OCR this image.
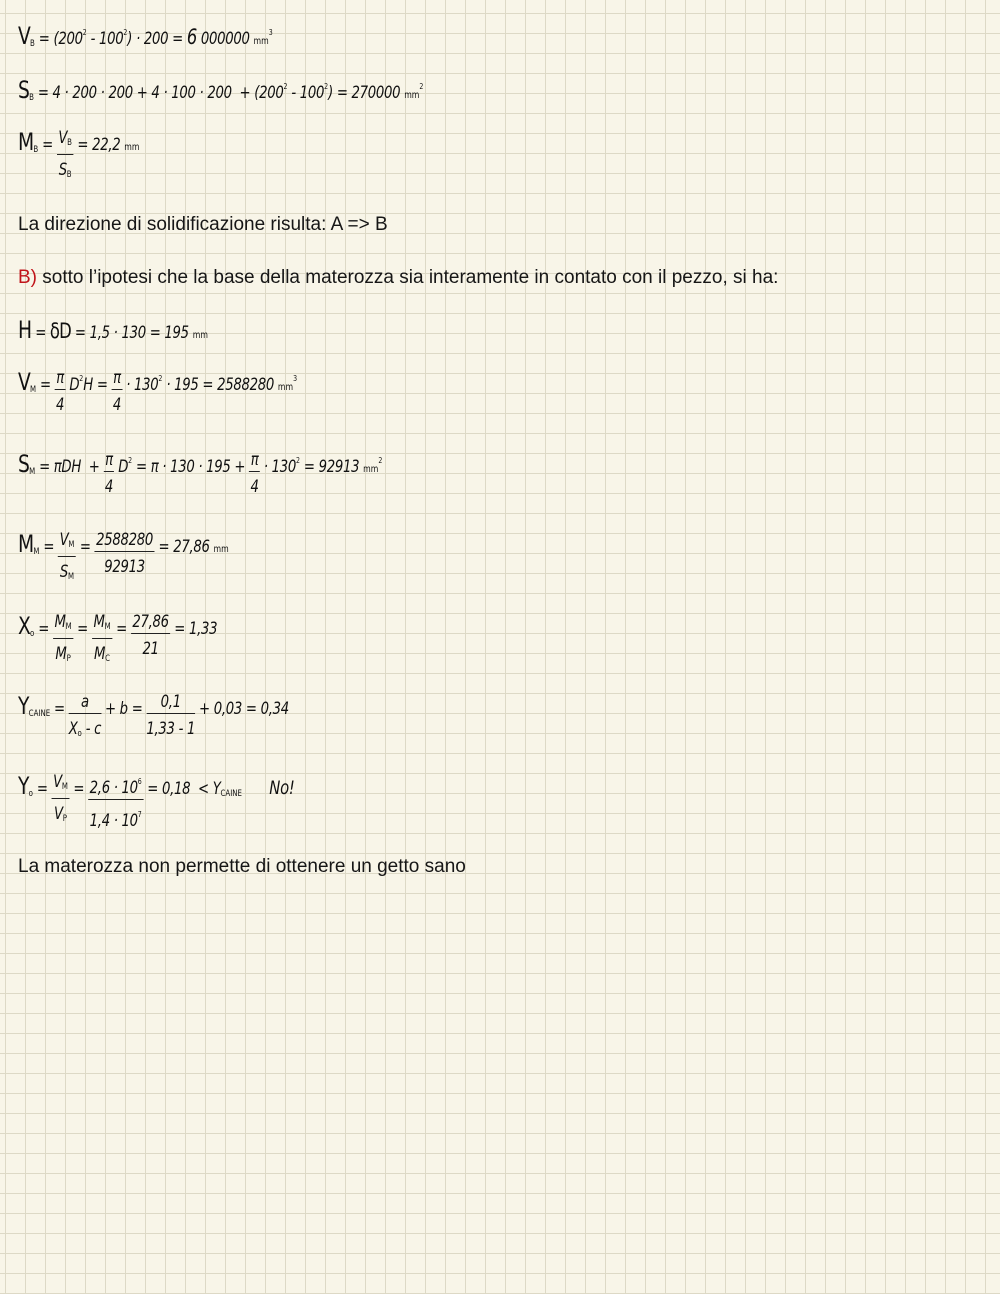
$V_B = (200^2 - 100^2) \cdot 200 = 6$ 000000 $mm^3$
$S_B = 4 \cdot 200 \cdot 200 + 4 \cdot 100 \cdot 200 + (200^2 - 100^2) = 270000$ $mm^2$
$M_B = \frac{V_B}{S_B} = 22,2$ mm
La direzione di solidificazione risulta: A => B
B) sotto l’ipotesi che la base della materozza sia interamente in contato con il pezzo, si ha:
H = δD = 1,5 · 130 = 195 mm
$V_M = \frac{\pi}{4} D^2H = \frac{\pi}{4} \cdot 130^2 \cdot 195 = 2588280$ $mm^3$
$S_M = \pi DH + \frac{\pi}{4} D^2 = \pi \cdot 130 \cdot 195 + \frac{\pi}{4} \cdot 130^2 = 92913$ $mm^2$
$M_M = \frac{V_M}{S_M} = \frac{2588280}{92913} = 27,86$ mm
$X_o = \frac{M_M}{M_P} = \frac{M_M}{M_C} = \frac{27,86}{21} = 1,33$
$Y_{CAINE} = \frac{a}{X_o - c} + b = \frac{0,1}{1,33 - 1} + 0,03 = 0,34$
$Y_o = \frac{V_M}{V_P} = \frac{2,6 \cdot 10^6}{1,4 \cdot 10^7} = 0,18 < Y_{CAINE}$ No!
La materozza non permette di ottenere un getto sano
